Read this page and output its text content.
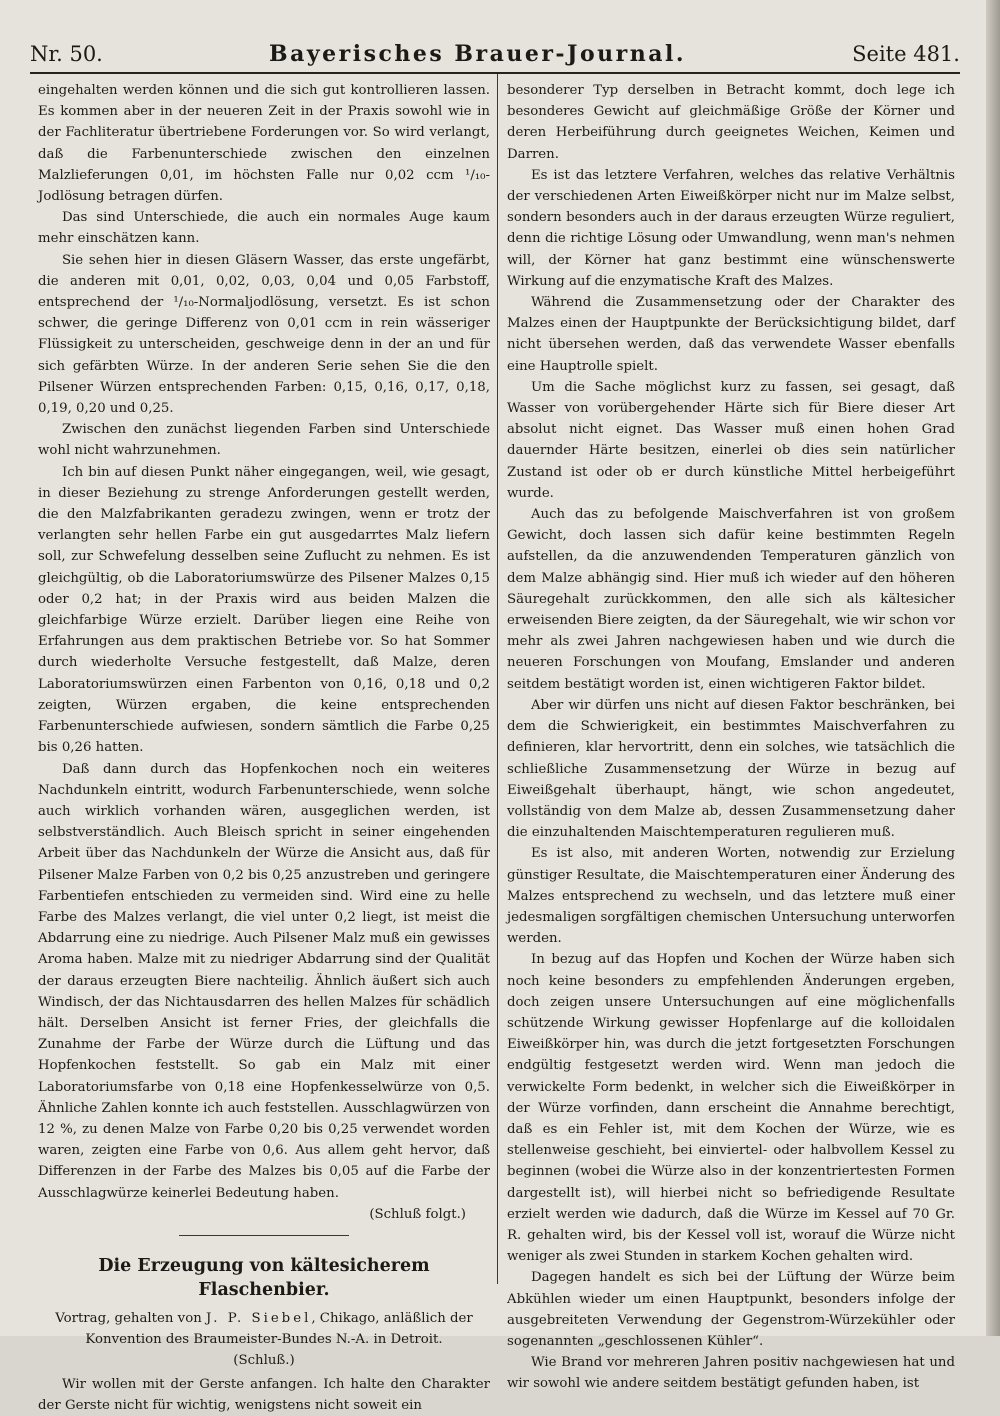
Nr. 50.	Bayerisches Brauer-Journal.	Seite 481.

eingehalten werden können und die sich gut kontrollieren lassen. Es kommen aber in der neueren Zeit in der Praxis sowohl wie in der Fachliteratur übertriebene Forderungen vor. So wird verlangt, daß die Farbenunterschiede zwischen den einzelnen Malzlieferungen 0,01, im höchsten Falle nur 0,02 ccm ¹/₁₀-Jodlösung betragen dürfen.

Das sind Unterschiede, die auch ein normales Auge kaum mehr einschätzen kann.

Sie sehen hier in diesen Gläsern Wasser, das erste ungefärbt, die anderen mit 0,01, 0,02, 0,03, 0,04 und 0,05 Farbstoff, entsprechend der ¹/₁₀-Normaljodlösung, versetzt. Es ist schon schwer, die geringe Differenz von 0,01 ccm in rein wässeriger Flüssigkeit zu unterscheiden, geschweige denn in der an und für sich gefärbten Würze. In der anderen Serie sehen Sie die den Pilsener Würzen entsprechenden Farben: 0,15, 0,16, 0,17, 0,18, 0,19, 0,20 und 0,25.

Zwischen den zunächst liegenden Farben sind Unterschiede wohl nicht wahrzunehmen.

Ich bin auf diesen Punkt näher eingegangen, weil, wie gesagt, in dieser Beziehung zu strenge Anforderungen gestellt werden, die den Malzfabrikanten geradezu zwingen, wenn er trotz der verlangten sehr hellen Farbe ein gut ausgedarrtes Malz liefern soll, zur Schwefelung desselben seine Zuflucht zu nehmen. Es ist gleichgültig, ob die Laboratoriumswürze des Pilsener Malzes 0,15 oder 0,2 hat; in der Praxis wird aus beiden Malzen die gleichfarbige Würze erzielt. Darüber liegen eine Reihe von Erfahrungen aus dem praktischen Betriebe vor. So hat Sommer durch wiederholte Versuche festgestellt, daß Malze, deren Laboratoriumswürzen einen Farbenton von 0,16, 0,18 und 0,2 zeigten, Würzen ergaben, die keine entsprechenden Farbenunterschiede aufwiesen, sondern sämtlich die Farbe 0,25 bis 0,26 hatten.

Daß dann durch das Hopfenkochen noch ein weiteres Nachdunkeln eintritt, wodurch Farbenunterschiede, wenn solche auch wirklich vorhanden wären, ausgeglichen werden, ist selbstverständlich. Auch Bleisch spricht in seiner eingehenden Arbeit über das Nachdunkeln der Würze die Ansicht aus, daß für Pilsener Malze Farben von 0,2 bis 0,25 anzustreben und geringere Farbentiefen entschieden zu vermeiden sind. Wird eine zu helle Farbe des Malzes verlangt, die viel unter 0,2 liegt, ist meist die Abdarrung eine zu niedrige. Auch Pilsener Malz muß ein gewisses Aroma haben. Malze mit zu niedriger Abdarrung sind der Qualität der daraus erzeugten Biere nachteilig. Ähnlich äußert sich auch Windisch, der das Nichtausdarren des hellen Malzes für schädlich hält. Derselben Ansicht ist ferner Fries, der gleichfalls die Zunahme der Farbe der Würze durch die Lüftung und das Hopfenkochen feststellt. So gab ein Malz mit einer Laboratoriumsfarbe von 0,18 eine Hopfenkesselwürze von 0,5. Ähnliche Zahlen konnte ich auch feststellen. Ausschlagwürzen von 12 %, zu denen Malze von Farbe 0,20 bis 0,25 verwendet worden waren, zeigten eine Farbe von 0,6. Aus allem geht hervor, daß Differenzen in der Farbe des Malzes bis 0,05 auf die Farbe der Ausschlagwürze keinerlei Bedeutung haben.

(Schluß folgt.)
Die Erzeugung von kältesicherem Flaschenbier.
Vortrag, gehalten von J. P. Siebel, Chikago, anläßlich der Konvention des Braumeister-Bundes N.-A. in Detroit.
(Schluß.)

Wir wollen mit der Gerste anfangen. Ich halte den Charakter der Gerste nicht für wichtig, wenigstens nicht soweit ein

besonderer Typ derselben in Betracht kommt, doch lege ich besonderes Gewicht auf gleichmäßige Größe der Körner und deren Herbeiführung durch geeignetes Weichen, Keimen und Darren.

Es ist das letztere Verfahren, welches das relative Verhältnis der verschiedenen Arten Eiweißkörper nicht nur im Malze selbst, sondern besonders auch in der daraus erzeugten Würze reguliert, denn die richtige Lösung oder Umwandlung, wenn man's nehmen will, der Körner hat ganz bestimmt eine wünschenswerte Wirkung auf die enzymatische Kraft des Malzes.

Während die Zusammensetzung oder der Charakter des Malzes einen der Hauptpunkte der Berücksichtigung bildet, darf nicht übersehen werden, daß das verwendete Wasser ebenfalls eine Hauptrolle spielt.

Um die Sache möglichst kurz zu fassen, sei gesagt, daß Wasser von vorübergehender Härte sich für Biere dieser Art absolut nicht eignet. Das Wasser muß einen hohen Grad dauernder Härte besitzen, einerlei ob dies sein natürlicher Zustand ist oder ob er durch künstliche Mittel herbeigeführt wurde.

Auch das zu befolgende Maischverfahren ist von großem Gewicht, doch lassen sich dafür keine bestimmten Regeln aufstellen, da die anzuwendenden Temperaturen gänzlich von dem Malze abhängig sind. Hier muß ich wieder auf den höheren Säuregehalt zurückkommen, den alle sich als kältesicher erweisenden Biere zeigten, da der Säuregehalt, wie wir schon vor mehr als zwei Jahren nachgewiesen haben und wie durch die neueren Forschungen von Moufang, Emslander und anderen seitdem bestätigt worden ist, einen wichtigeren Faktor bildet.

Aber wir dürfen uns nicht auf diesen Faktor beschränken, bei dem die Schwierigkeit, ein bestimmtes Maischverfahren zu definieren, klar hervortritt, denn ein solches, wie tatsächlich die schließliche Zusammensetzung der Würze in bezug auf Eiweißgehalt überhaupt, hängt, wie schon angedeutet, vollständig von dem Malze ab, dessen Zusammensetzung daher die einzuhaltenden Maischtemperaturen regulieren muß.

Es ist also, mit anderen Worten, notwendig zur Erzielung günstiger Resultate, die Maischtemperaturen einer Änderung des Malzes entsprechend zu wechseln, und das letztere muß einer jedesmaligen sorgfältigen chemischen Untersuchung unterworfen werden.

In bezug auf das Hopfen und Kochen der Würze haben sich noch keine besonders zu empfehlenden Änderungen ergeben, doch zeigen unsere Untersuchungen auf eine möglichenfalls schützende Wirkung gewisser Hopfenlarge auf die kolloidalen Eiweißkörper hin, was durch die jetzt fortgesetzten Forschungen endgültig festgesetzt werden wird. Wenn man jedoch die verwickelte Form bedenkt, in welcher sich die Eiweißkörper in der Würze vorfinden, dann erscheint die Annahme berechtigt, daß es ein Fehler ist, mit dem Kochen der Würze, wie es stellenweise geschieht, bei einviertel- oder halbvollem Kessel zu beginnen (wobei die Würze also in der konzentriertesten Formen dargestellt ist), will hierbei nicht so befriedigende Resultate erzielt werden wie dadurch, daß die Würze im Kessel auf 70 Gr. R. gehalten wird, bis der Kessel voll ist, worauf die Würze nicht weniger als zwei Stunden in starkem Kochen gehalten wird.

Dagegen handelt es sich bei der Lüftung der Würze beim Abkühlen wieder um einen Hauptpunkt, besonders infolge der ausgebreiteten Verwendung der Gegenstrom-Würzekühler oder sogenannten „geschlossenen Kühler“.

Wie Brand vor mehreren Jahren positiv nachgewiesen hat und wir sowohl wie andere seitdem bestätigt gefunden haben, ist
